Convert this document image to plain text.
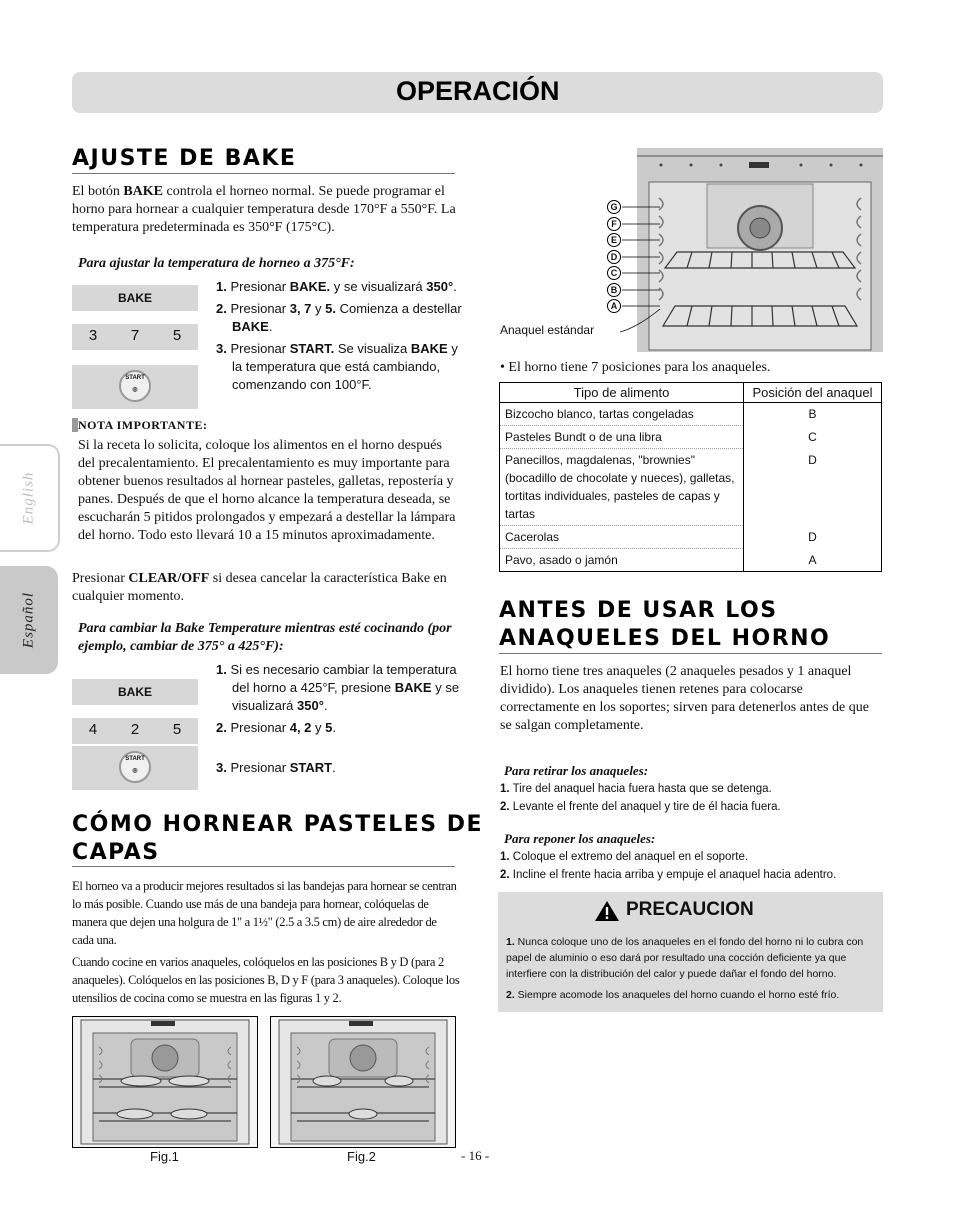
OPERACIÓN
English
Español
AJUSTE DE BAKE
El botón BAKE controla el horneo normal. Se puede programar el horno para hornear a cualquier temperatura desde 170°F a 550°F. La temperatura predeterminada es 350°F (175°C).
Para ajustar la temperatura de horneo a 375°F:
BAKE
3 7 5
START
◎
1. Presionar BAKE. y se visualizará 350°.
2. Presionar 3, 7 y 5. Comienza a destellar BAKE.
3. Presionar START. Se visualiza BAKE y la temperatura que está cambiando, comenzando con 100°F.
NOTA IMPORTANTE:
Si la receta lo solicita, coloque los alimentos en el horno después del precalentamiento. El precalentamiento es muy importante para obtener buenos resultados al hornear pasteles, galletas, repostería y panes. Después de que el horno alcance la temperatura deseada, se escucharán 5 pitidos prolongados y empezará a destellar la lámpara del horno. Todo esto llevará 10 a 15 minutos aproximadamente.
Presionar CLEAR/OFF si desea cancelar la característica Bake en cualquier momento.
Para cambiar la Bake Temperature mientras esté cocinando (por ejemplo, cambiar de 375° a 425°F):
BAKE
4 2 5
START
◎
1. Si es necesario cambiar la temperatura del horno a 425°F, presione BAKE y se visualizará 350°.
2. Presionar 4, 2 y 5.
3. Presionar START.
CÓMO HORNEAR PASTELES DE
CAPAS
El horneo va a producir mejores resultados si las bandejas para hornear se centran lo más posible. Cuando use más de una bandeja para hornear, colóquelas de manera que dejen una holgura de 1" a 1½" (2.5 a 3.5 cm) de aire alrededor de cada una.
Cuando cocine en varios anaqueles, colóquelos en las posiciones B y D (para 2 anaqueles). Colóquelos en las posiciones B, D y F (para 3 anaqueles). Coloque los utensilios de cocina como se muestra en las figuras 1 y 2.
Fig.1	Fig.2	- 16 -
G
F
E
D
C
B
A
Anaquel estándar
• El horno tiene 7 posiciones para los anaqueles.
Tipo de alimento	Posición del anaquel
Bizcocho blanco, tartas congeladas	B
Pasteles Bundt o de una libra	C
Panecillos, magdalenas, "brownies" (bocadillo de chocolate y nueces), galletas, tortitas individuales, pasteles de capas y tartas	D
Cacerolas	D
Pavo, asado o jamón	A
ANTES DE USAR LOS
ANAQUELES DEL HORNO
El horno tiene tres anaqueles (2 anaqueles pesados y 1 anaquel dividido). Los anaqueles tienen retenes para colocarse correctamente en los soportes; sirven para detenerlos antes de que se salgan completamente.
Para retirar los anaqueles:
1. Tire del anaquel hacia fuera hasta que se detenga.
2. Levante el frente del anaquel y tire de él hacia fuera.
Para reponer los anaqueles:
1. Coloque el extremo del anaquel en el soporte.
2. Incline el frente hacia arriba y empuje el anaquel hacia adentro.
PRECAUCION
1. Nunca coloque uno de los anaqueles en el fondo del horno ni lo cubra con papel de aluminio o eso dará por resultado una cocción deficiente ya que interfiere con la distribución del calor y puede dañar el fondo del horno.
2. Siempre acomode los anaqueles del horno cuando el horno esté frío.
